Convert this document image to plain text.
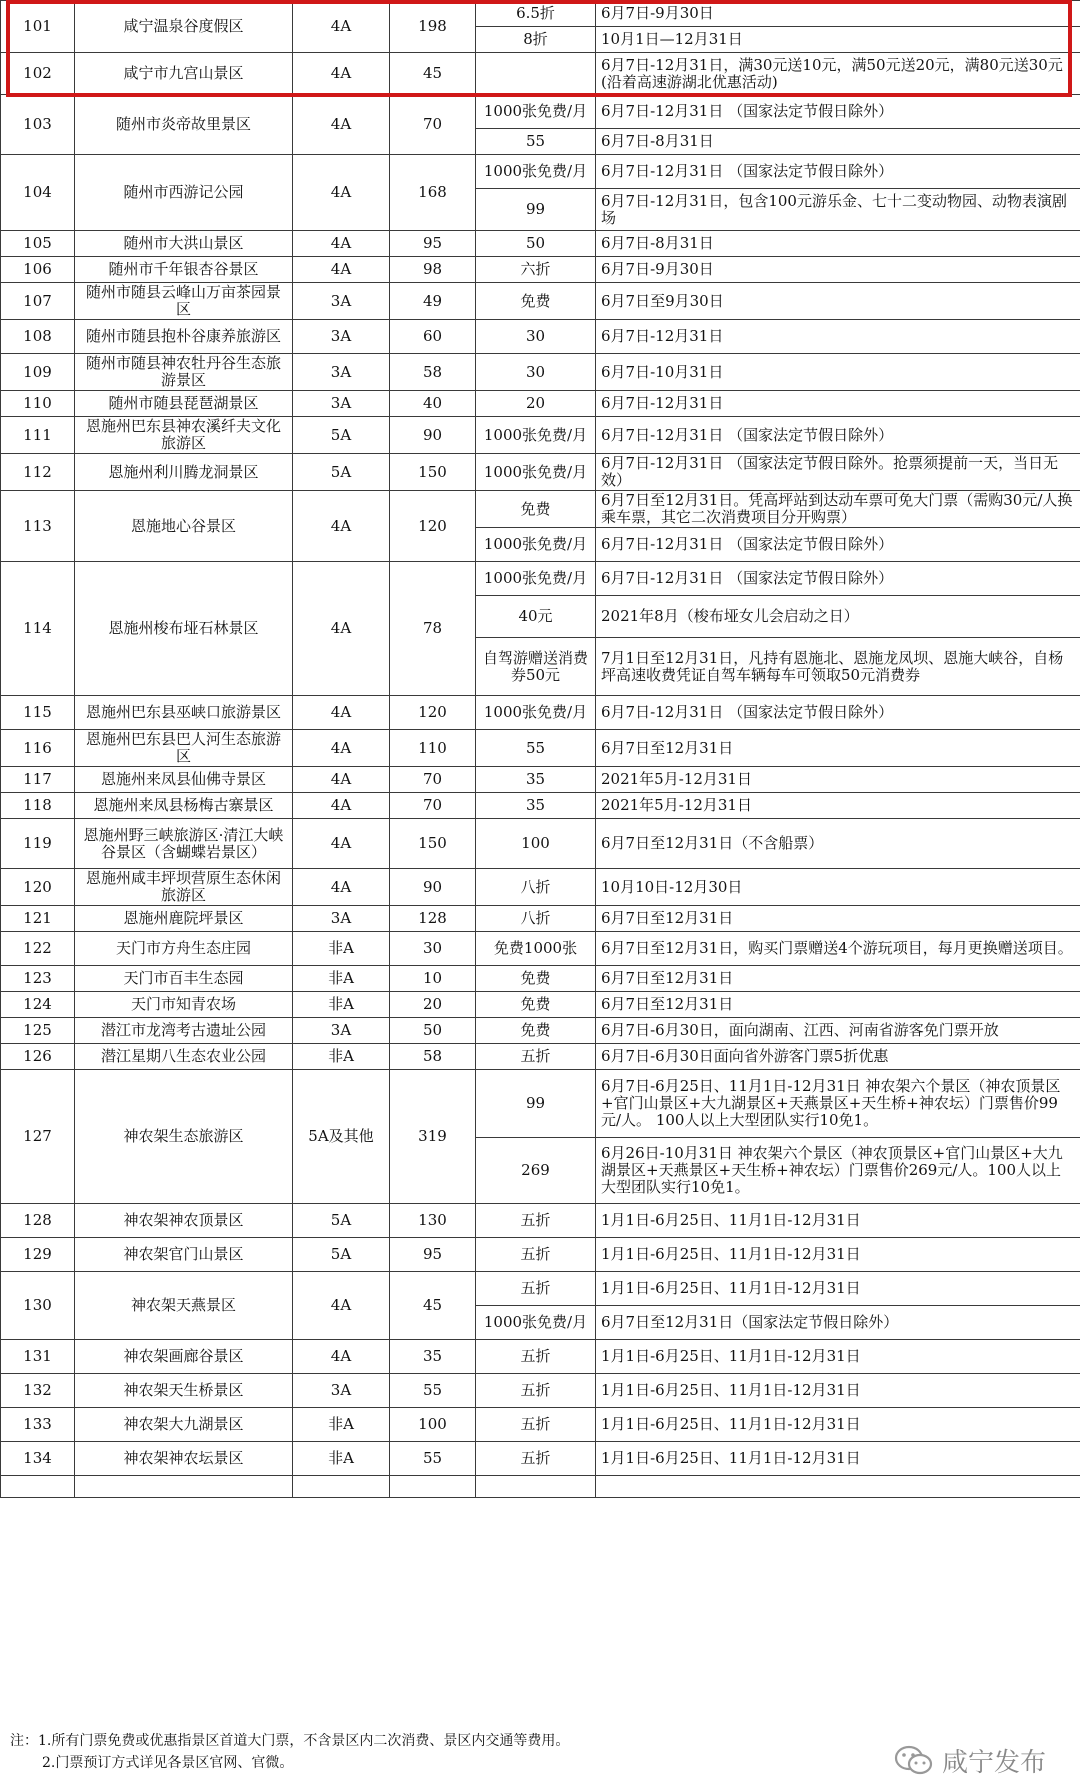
101	咸宁温泉谷度假区	4A	198	6.5折	6月7日-9月30日
				8折	10月1日—12月31日
102	咸宁市九宫山景区	4A	45		6月7日-12月31日，满30元送10元，满50元送20元，满80元送30元(沿着高速游湖北优惠活动)
103	随州市炎帝故里景区	4A	70	1000张免费/月	6月7日-12月31日 （国家法定节假日除外）
				55	6月7日-8月31日
104	随州市西游记公园	4A	168	1000张免费/月	6月7日-12月31日 （国家法定节假日除外）
				99	6月7日-12月31日，包含100元游乐金、七十二变动物园、动物表演剧场
105	随州市大洪山景区	4A	95	50	6月7日-8月31日
106	随州市千年银杏谷景区	4A	98	六折	6月7日-9月30日
107	随州市随县云峰山万亩茶园景区	3A	49	免费	6月7日至9月30日
108	随州市随县抱朴谷康养旅游区	3A	60	30	6月7日-12月31日
109	随州市随县神农牡丹谷生态旅游景区	3A	58	30	6月7日-10月31日
110	随州市随县琵琶湖景区	3A	40	20	6月7日-12月31日
111	恩施州巴东县神农溪纤夫文化旅游区	5A	90	1000张免费/月	6月7日-12月31日 （国家法定节假日除外）
112	恩施州利川腾龙洞景区	5A	150	1000张免费/月	6月7日-12月31日 （国家法定节假日除外。抢票须提前一天，当日无效）
113	恩施地心谷景区	4A	120	免费	6月7日至12月31日。凭高坪站到达动车票可免大门票（需购30元/人换乘车票，其它二次消费项目分开购票）
				1000张免费/月	6月7日-12月31日 （国家法定节假日除外）
114	恩施州梭布垭石林景区	4A	78	1000张免费/月	6月7日-12月31日 （国家法定节假日除外）
				40元	2021年8月（梭布垭女儿会启动之日）
				自驾游赠送消费券50元	7月1日至12月31日，凡持有恩施北、恩施龙凤坝、恩施大峡谷，自杨坪高速收费凭证自驾车辆每车可领取50元消费券
115	恩施州巴东县巫峡口旅游景区	4A	120	1000张免费/月	6月7日-12月31日 （国家法定节假日除外）
116	恩施州巴东县巴人河生态旅游区	4A	110	55	6月7日至12月31日
117	恩施州来凤县仙佛寺景区	4A	70	35	2021年5月-12月31日
118	恩施州来凤县杨梅古寨景区	4A	70	35	2021年5月-12月31日
119	恩施州野三峡旅游区·清江大峡谷景区（含蝴蝶岩景区）	4A	150	100	6月7日至12月31日（不含船票）
120	恩施州咸丰坪坝营原生态休闲旅游区	4A	90	八折	10月10日-12月30日
121	恩施州鹿院坪景区	3A	128	八折	6月7日至12月31日
122	天门市方舟生态庄园	非A	30	免费1000张	6月7日至12月31日，购买门票赠送4个游玩项目，每月更换赠送项目。
123	天门市百丰生态园	非A	10	免费	6月7日至12月31日
124	天门市知青农场	非A	20	免费	6月7日至12月31日
125	潜江市龙湾考古遗址公园	3A	50	免费	6月7日-6月30日，面向湖南、江西、河南省游客免门票开放
126	潜江星期八生态农业公园	非A	58	五折	6月7日-6月30日面向省外游客门票5折优惠
127	神农架生态旅游区	5A及其他	319	99	6月7日-6月25日、11月1日-12月31日 神农架六个景区（神农顶景区+官门山景区+大九湖景区+天燕景区+天生桥+神农坛）门票售价99元/人。 100人以上大型团队实行10免1。
				269	6月26日-10月31日 神农架六个景区（神农顶景区+官门山景区+大九湖景区+天燕景区+天生桥+神农坛）门票售价269元/人。100人以上大型团队实行10免1。
128	神农架神农顶景区	5A	130	五折	1月1日-6月25日、11月1日-12月31日
129	神农架官门山景区	5A	95	五折	1月1日-6月25日、11月1日-12月31日
130	神农架天燕景区	4A	45	五折	1月1日-6月25日、11月1日-12月31日
				1000张免费/月	6月7日至12月31日（国家法定节假日除外）
131	神农架画廊谷景区	4A	35	五折	1月1日-6月25日、11月1日-12月31日
132	神农架天生桥景区	3A	55	五折	1月1日-6月25日、11月1日-12月31日
133	神农架大九湖景区	非A	100	五折	1月1日-6月25日、11月1日-12月31日
134	神农架神农坛景区	非A	55	五折	1月1日-6月25日、11月1日-12月31日

注：1.所有门票免费或优惠指景区首道大门票，不含景区内二次消费、景区内交通等费用。
2.门票预订方式详见各景区官网、官微。	咸宁发布
